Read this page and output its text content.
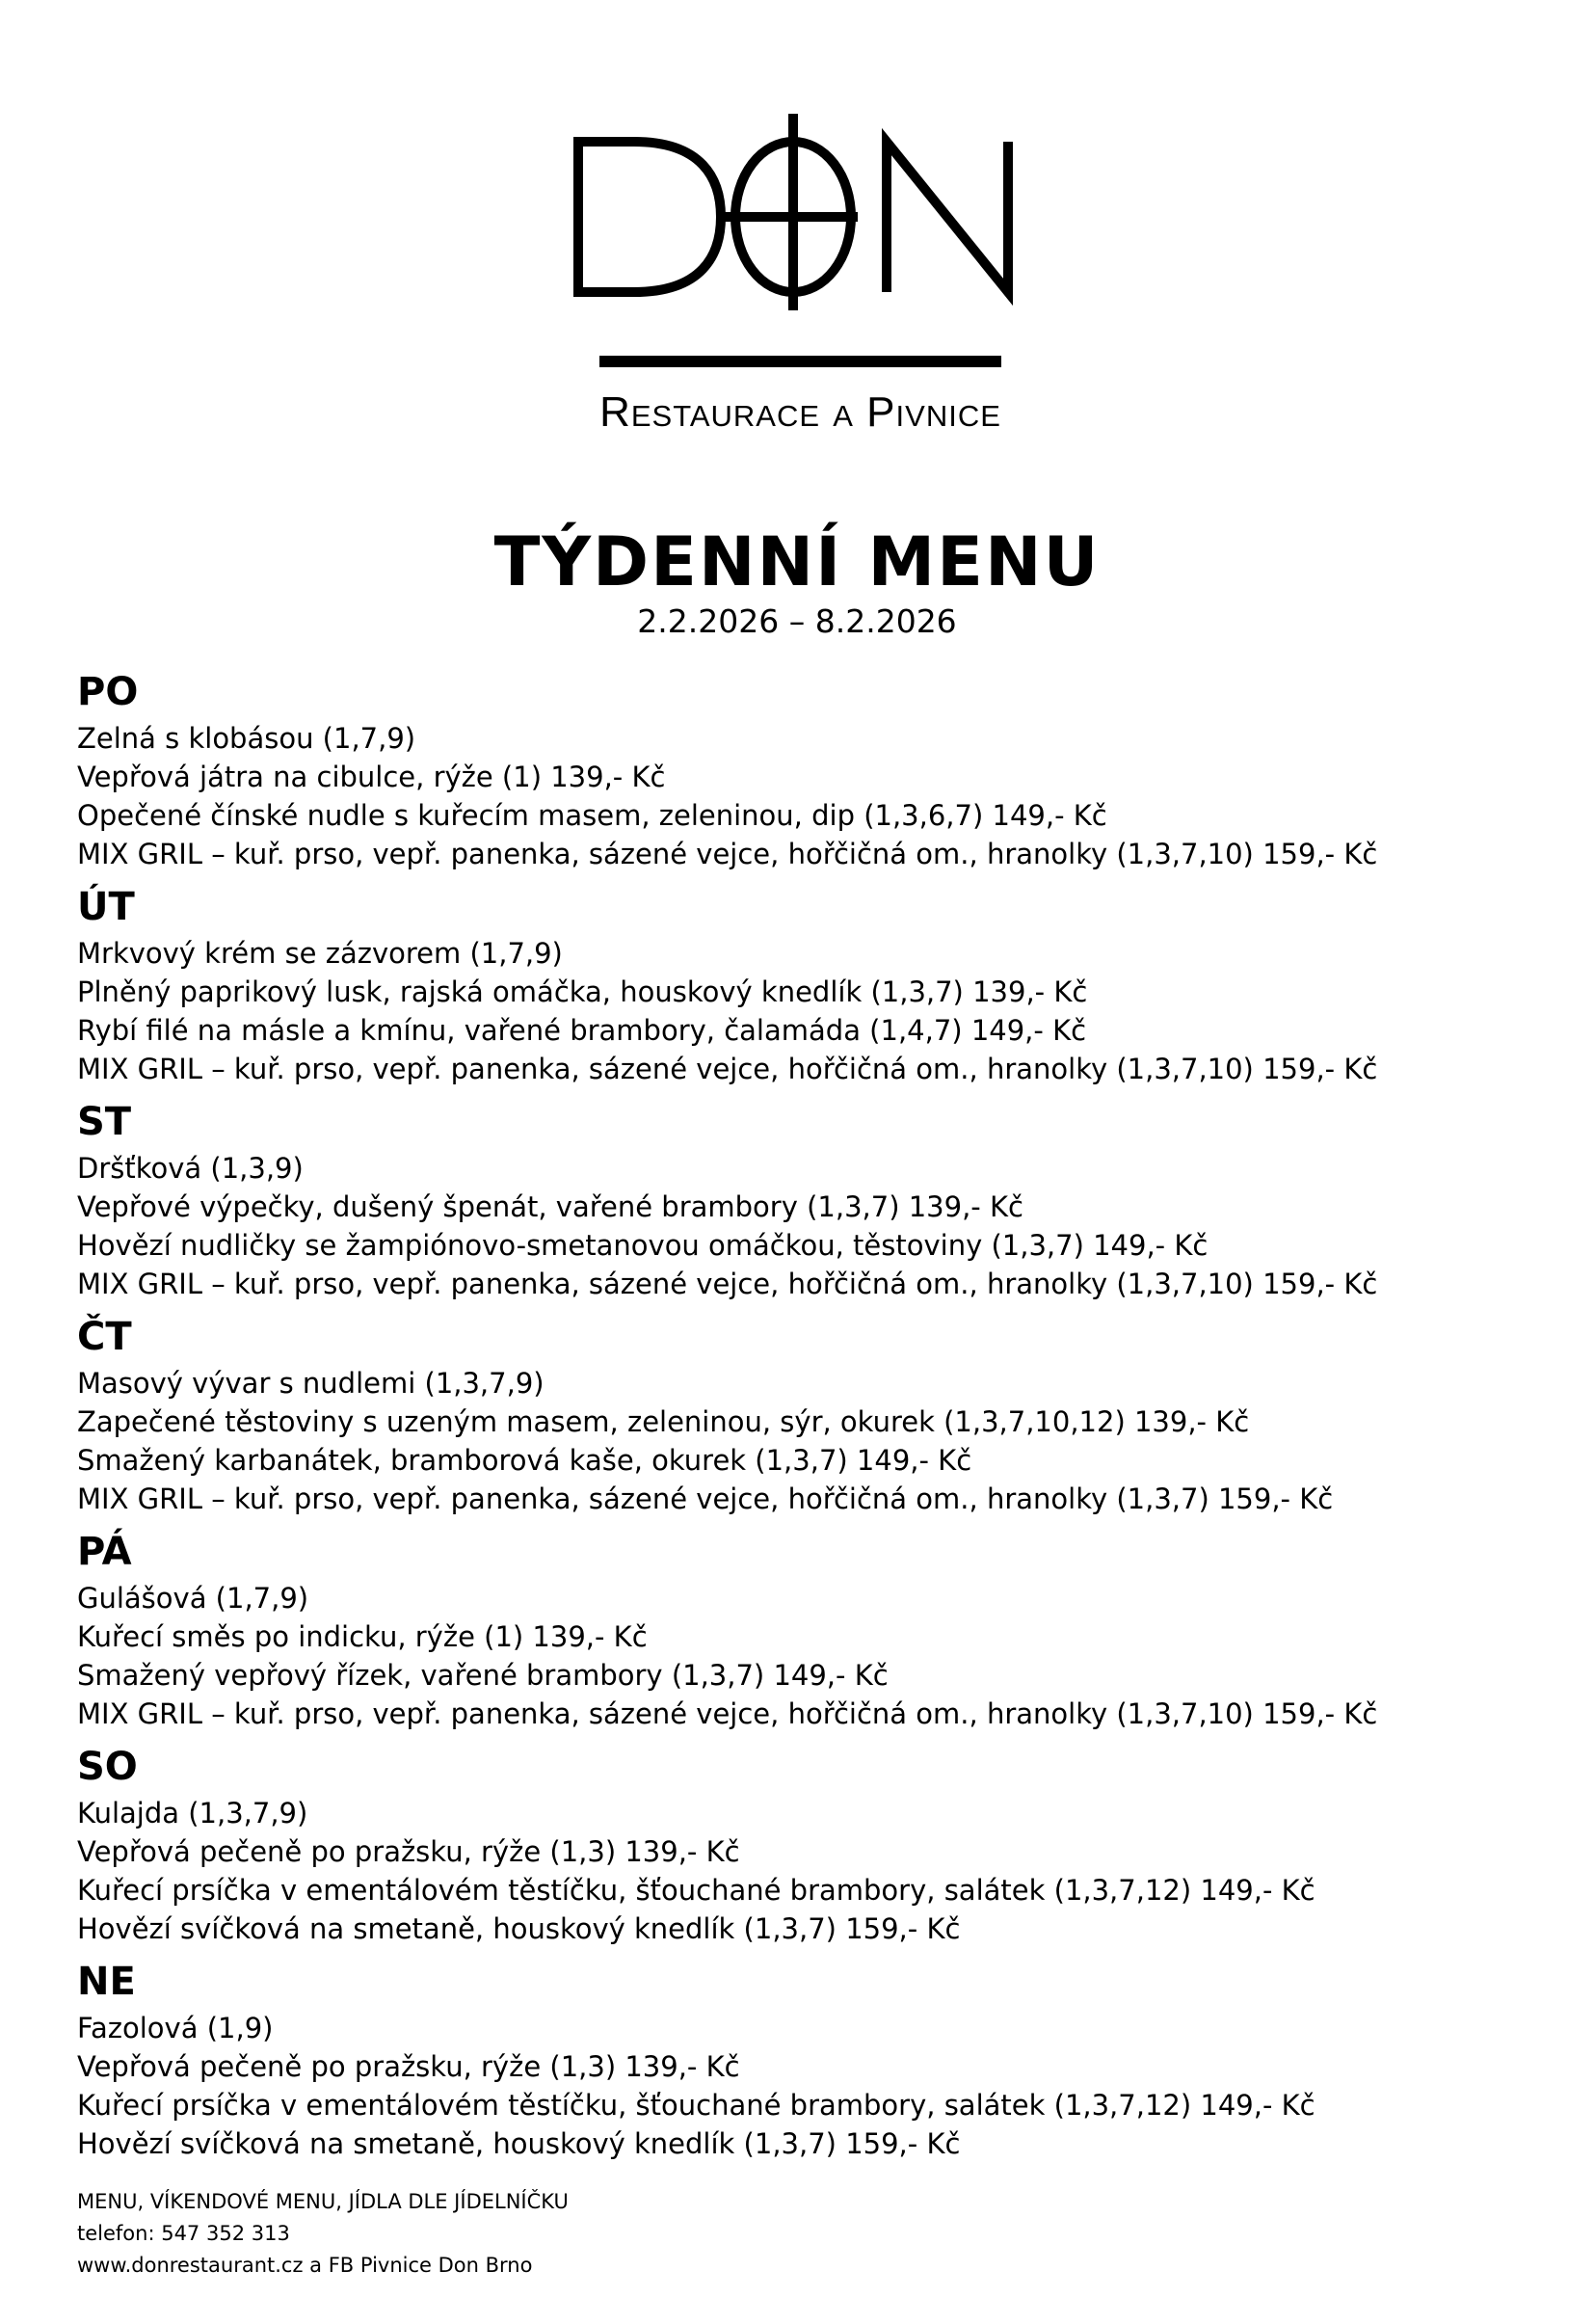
Restaurace a Pivnice
TÝDENNÍ MENU
2.2.2026 – 8.2.2026
PO
Zelná s klobásou (1,7,9)
Vepřová játra na cibulce, rýže (1) 139,- Kč
Opečené čínské nudle s kuřecím masem, zeleninou, dip (1,3,6,7) 149,- Kč
MIX GRIL – kuř. prso, vepř. panenka, sázené vejce, hořčičná om., hranolky (1,3,7,10) 159,- Kč
ÚT
Mrkvový krém se zázvorem (1,7,9)
Plněný paprikový lusk, rajská omáčka, houskový knedlík (1,3,7) 139,- Kč
Rybí filé na másle a kmínu, vařené brambory, čalamáda (1,4,7) 149,- Kč
MIX GRIL – kuř. prso, vepř. panenka, sázené vejce, hořčičná om., hranolky (1,3,7,10) 159,- Kč
ST
Dršťková (1,3,9)
Vepřové výpečky, dušený špenát, vařené brambory (1,3,7) 139,- Kč
Hovězí nudličky se žampiónovo-smetanovou omáčkou, těstoviny (1,3,7) 149,- Kč
MIX GRIL – kuř. prso, vepř. panenka, sázené vejce, hořčičná om., hranolky (1,3,7,10) 159,- Kč
ČT
Masový vývar s nudlemi (1,3,7,9)
Zapečené těstoviny s uzeným masem, zeleninou, sýr, okurek (1,3,7,10,12) 139,- Kč
Smažený karbanátek, bramborová kaše, okurek (1,3,7) 149,- Kč
MIX GRIL – kuř. prso, vepř. panenka, sázené vejce, hořčičná om., hranolky (1,3,7) 159,- Kč
PÁ
Gulášová (1,7,9)
Kuřecí směs po indicku, rýže (1) 139,- Kč
Smažený vepřový řízek, vařené brambory (1,3,7) 149,- Kč
MIX GRIL – kuř. prso, vepř. panenka, sázené vejce, hořčičná om., hranolky (1,3,7,10) 159,- Kč
SO
Kulajda (1,3,7,9)
Vepřová pečeně po pražsku, rýže (1,3) 139,- Kč
Kuřecí prsíčka v ementálovém těstíčku, šťouchané brambory, salátek (1,3,7,12) 149,- Kč
Hovězí svíčková na smetaně, houskový knedlík (1,3,7) 159,- Kč
NE
Fazolová (1,9)
Vepřová pečeně po pražsku, rýže (1,3) 139,- Kč
Kuřecí prsíčka v ementálovém těstíčku, šťouchané brambory, salátek (1,3,7,12) 149,- Kč
Hovězí svíčková na smetaně, houskový knedlík (1,3,7) 159,- Kč
MENU, VÍKENDOVÉ MENU, JÍDLA DLE JÍDELNÍČKU
telefon: 547 352 313
www.donrestaurant.cz a FB Pivnice Don Brno
